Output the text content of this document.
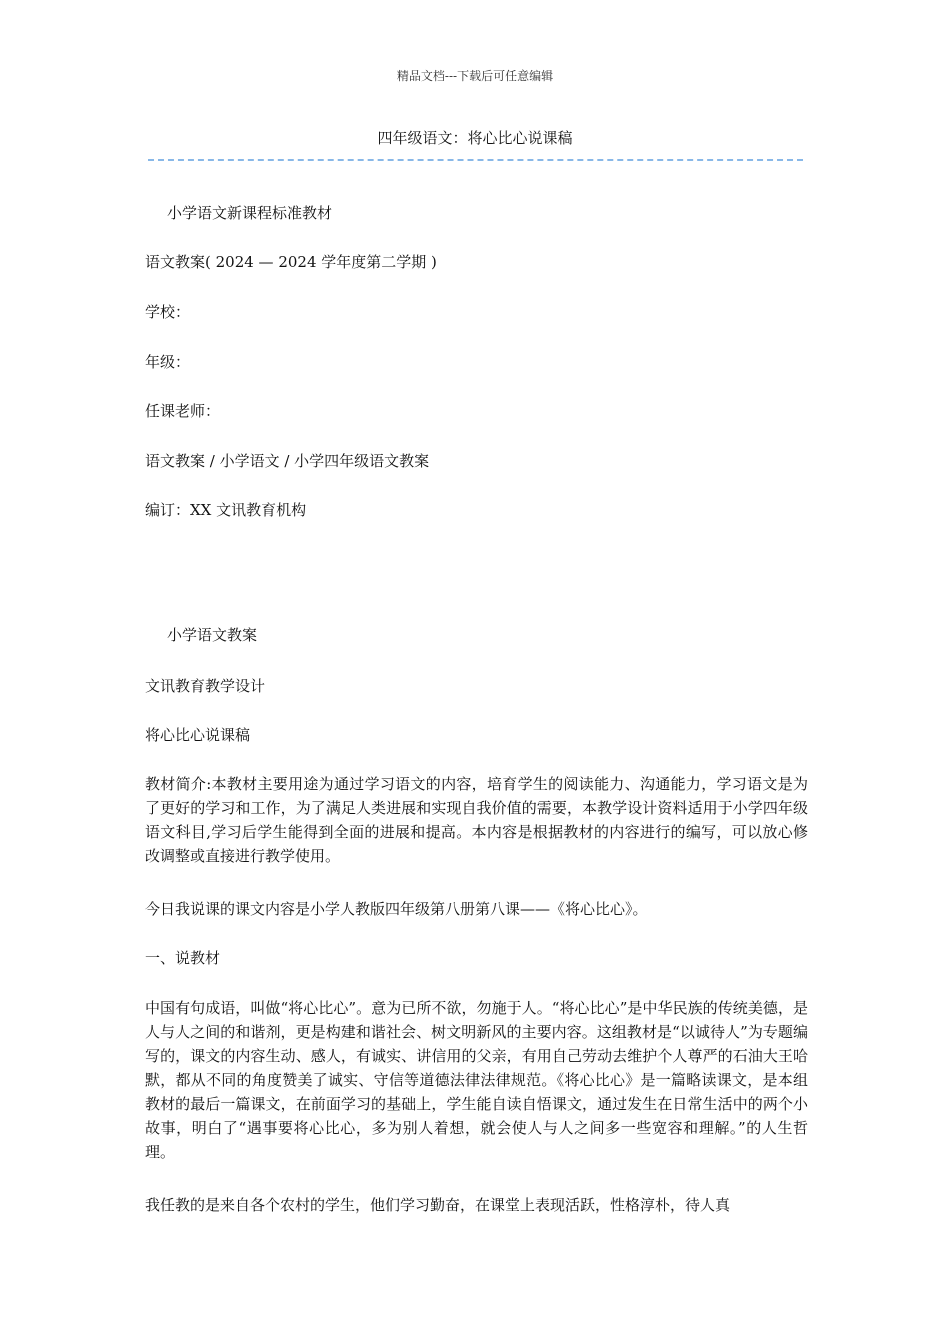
精品文档---下载后可任意编辑
四年级语文：将心比心说课稿
小学语文新课程标准教材
语文教案( 2024 — 2024 学年度第二学期 )
学校：
年级：
任课老师：
语文教案 / 小学语文 / 小学四年级语文教案
编订：XX 文讯教育机构
小学语文教案
文讯教育教学设计
将心比心说课稿
教材简介:本教材主要用途为通过学习语文的内容，培育学生的阅读能力、沟通能力，学习语文是为了更好的学习和工作，为了满足人类进展和实现自我价值的需要，本教学设计资料适用于小学四年级语文科目,学习后学生能得到全面的进展和提高。本内容是根据教材的内容进行的编写，可以放心修改调整或直接进行教学使用。
今日我说课的课文内容是小学人教版四年级第八册第八课——《将心比心》。
一、说教材
中国有句成语，叫做“将心比心”。意为已所不欲，勿施于人。“将心比心”是中华民族的传统美德，是人与人之间的和谐剂，更是构建和谐社会、树文明新风的主要内容。这组教材是“以诚待人”为专题编写的，课文的内容生动、感人，有诚实、讲信用的父亲，有用自己劳动去维护个人尊严的石油大王哈默，都从不同的角度赞美了诚实、守信等道德法律法律规范。《将心比心》是一篇略读课文，是本组教材的最后一篇课文，在前面学习的基础上，学生能自读自悟课文，通过发生在日常生活中的两个小故事，明白了“遇事要将心比心，多为别人着想，就会使人与人之间多一些宽容和理解。”的人生哲理。
我任教的是来自各个农村的学生，他们学习勤奋，在课堂上表现活跃，性格淳朴，待人真
